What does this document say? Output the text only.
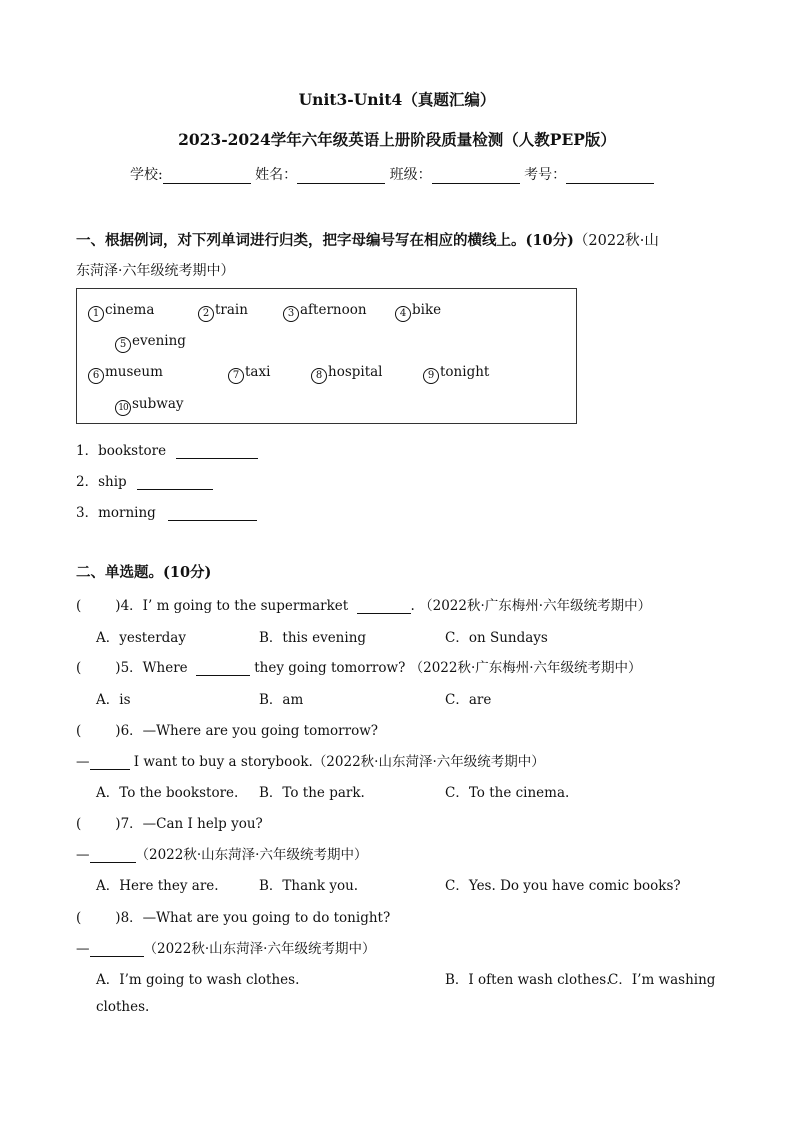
Unit3-Unit4（真题汇编）
2023-2024学年六年级英语上册阶段质量检测（人教PEP版）
学校:	姓名：	班级：	考号：
一、根据例词，对下列单词进行归类，把字母编号写在相应的横线上。(10分)（2022秋·山
东菏泽·六年级统考期中）
1 cinema	2 train	3 afternoon	4 bike
5 evening
6 museum	7 taxi	8 hospital	9 tonight
10 subway
1．bookstore
2．ship
3．morning
二、单选题。(10分)
(	)4．I’ m going to the supermarket	. （2022秋·广东梅州·六年级统考期中）
A．yesterday	B．this evening	C．on Sundays
(	)5．Where	they going tomorrow? （2022秋·广东梅州·六年级统考期中）
A．is	B．am	C．are
(	)6．—Where are you going tomorrow?
—	I want to buy a storybook.（2022秋·山东菏泽·六年级统考期中）
A．To the bookstore. B．To the park.	C．To the cinema.
(	)7．—Can I help you?
—	（2022秋·山东菏泽·六年级统考期中）
A．Here they are.	B．Thank you.	C．Yes. Do you have comic books?
(	)8．—What are you going to do tonight?
—	（2022秋·山东菏泽·六年级统考期中）
A．I’m going to wash clothes.	B．I often wash clothes.
C．I’m washing
clothes.
